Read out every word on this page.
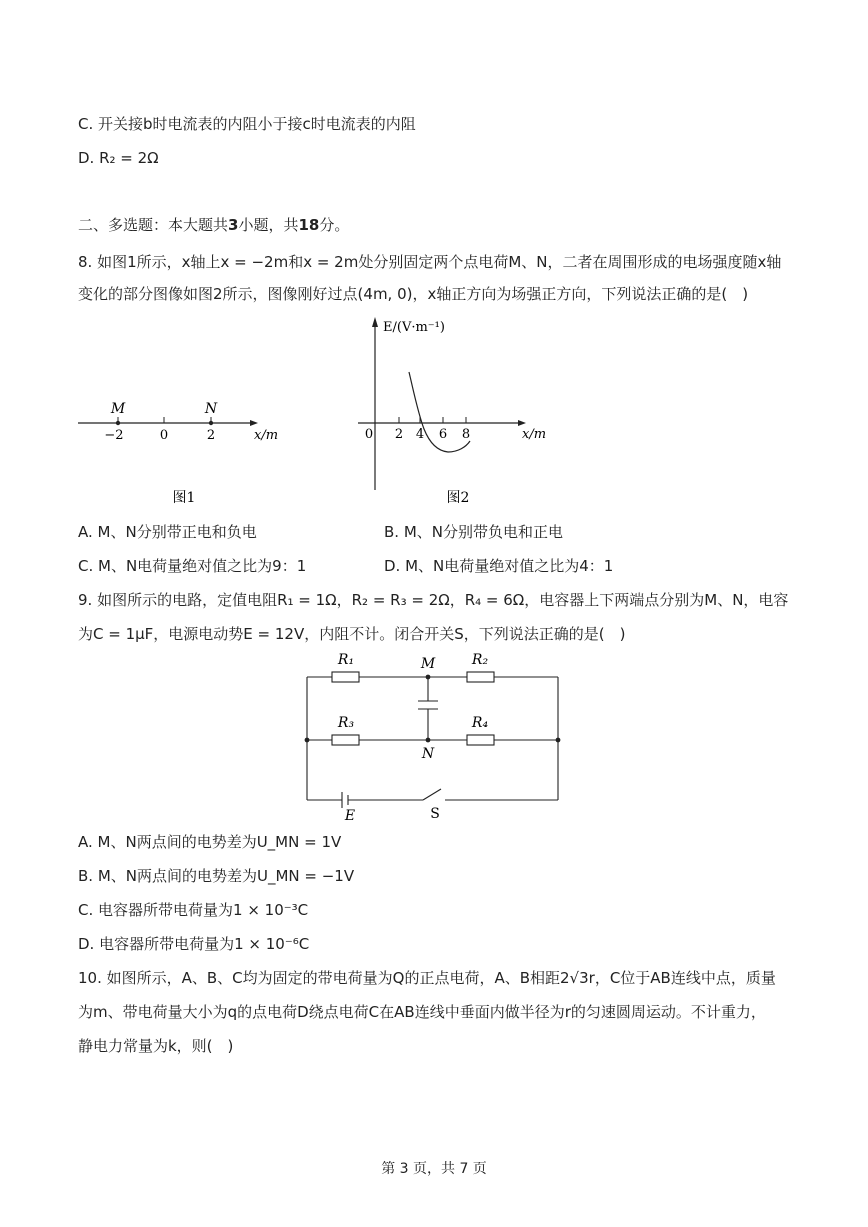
C. 开关接b时电流表的内阻小于接c时电流表的内阻
D. R₂ = 2Ω
二、多选题：本大题共3小题，共18分。
8. 如图1所示，x轴上x = −2m和x = 2m处分别固定两个点电荷M、N，二者在周围形成的电场强度随x轴
变化的部分图像如图2所示，图像刚好过点(4m, 0)，x轴正方向为场强正方向，下列说法正确的是(　)
M	N
−2	0	2	x/m
图1
E/(V·m⁻¹)
0 2 4 6 8	x/m
图2
A. M、N分别带正电和负电	B. M、N分别带负电和正电
C. M、N电荷量绝对值之比为9：1	D. M、N电荷量绝对值之比为4：1
9. 如图所示的电路，定值电阻R₁ = 1Ω，R₂ = R₃ = 2Ω，R₄ = 6Ω，电容器上下两端点分别为M、N，电容
为C = 1μF，电源电动势E = 12V，内阻不计。闭合开关S，下列说法正确的是(　)
R₁	R₂
R₃	R₄
M
N
E	S
A. M、N两点间的电势差为U_MN = 1V
B. M、N两点间的电势差为U_MN = −1V
C. 电容器所带电荷量为1 × 10⁻³C
D. 电容器所带电荷量为1 × 10⁻⁶C
10. 如图所示，A、B、C均为固定的带电荷量为Q的正点电荷，A、B相距2√3r，C位于AB连线中点，质量
为m、带电荷量大小为q的点电荷D绕点电荷C在AB连线中垂面内做半径为r的匀速圆周运动。不计重力，
静电力常量为k，则(　)
第 3 页，共 7 页
